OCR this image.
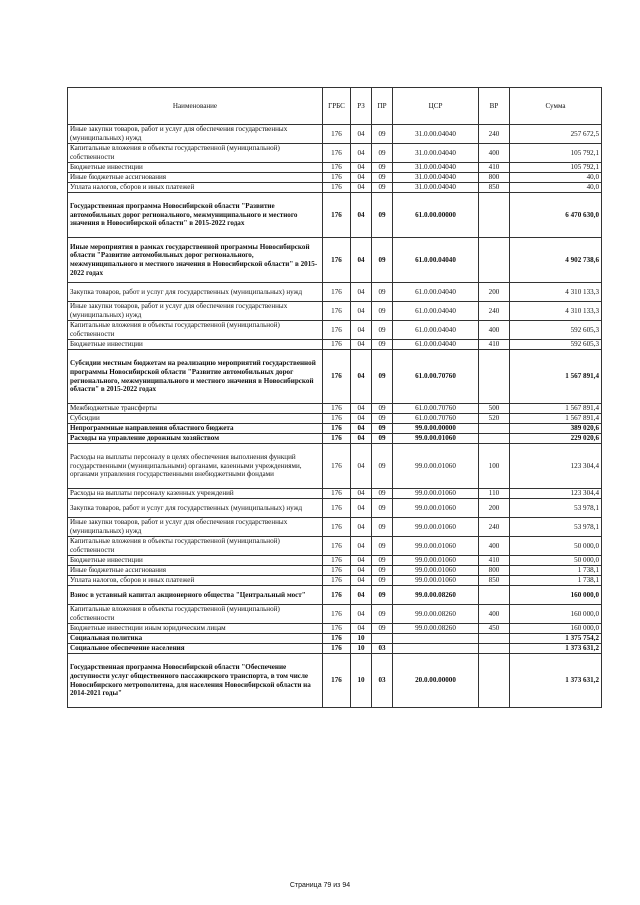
Наименование	ГРБС	РЗ	ПР	ЦСР	ВР	Сумма
Иные закупки товаров, работ и услуг для обеспечения государственных (муниципальных) нужд	176	04	09	31.0.00.04040	240	257 672,5
Капитальные вложения в объекты государственной (муниципальной) собственности	176	04	09	31.0.00.04040	400	105 792,1
Бюджетные инвестиции	176	04	09	31.0.00.04040	410	105 792,1
Иные бюджетные ассигнования	176	04	09	31.0.00.04040	800	40,0
Уплата налогов, сборов и иных платежей	176	04	09	31.0.00.04040	850	40,0
Государственная программа Новосибирской области "Развитие автомобильных дорог регионального, межмуниципального и местного значения в Новосибирской области" в 2015-2022 годах	176	04	09	61.0.00.00000		6 470 630,0
Иные мероприятия в рамках государственной программы Новосибирской области "Развитие автомобильных дорог регионального, межмуниципального и местного значения в Новосибирской области" в 2015-2022 годах	176	04	09	61.0.00.04040		4 902 738,6
Закупка товаров, работ и услуг для государственных (муниципальных) нужд	176	04	09	61.0.00.04040	200	4 310 133,3
Иные закупки товаров, работ и услуг для обеспечения государственных (муниципальных) нужд	176	04	09	61.0.00.04040	240	4 310 133,3
Капитальные вложения в объекты государственной (муниципальной) собственности	176	04	09	61.0.00.04040	400	592 605,3
Бюджетные инвестиции	176	04	09	61.0.00.04040	410	592 605,3
Субсидии местным бюджетам на реализацию мероприятий государственной программы Новосибирской области "Развитие автомобильных дорог регионального, межмуниципального и местного значения в Новосибирской области" в 2015-2022 годах	176	04	09	61.0.00.70760		1 567 891,4
Межбюджетные трансферты	176	04	09	61.0.00.70760	500	1 567 891,4
Субсидии	176	04	09	61.0.00.70760	520	1 567 891,4
Непрограммные направления областного бюджета	176	04	09	99.0.00.00000		389 020,6
Расходы на управление дорожным хозяйством	176	04	09	99.0.00.01060		229 020,6
Расходы на выплаты персоналу в целях обеспечения выполнения функций государственными (муниципальными) органами, казенными учреждениями, органами управления государственными внебюджетными фондами	176	04	09	99.0.00.01060	100	123 304,4
Расходы на выплаты персоналу казенных учреждений	176	04	09	99.0.00.01060	110	123 304,4
Закупка товаров, работ и услуг для государственных (муниципальных) нужд	176	04	09	99.0.00.01060	200	53 978,1
Иные закупки товаров, работ и услуг для обеспечения государственных (муниципальных) нужд	176	04	09	99.0.00.01060	240	53 978,1
Капитальные вложения в объекты государственной (муниципальной) собственности	176	04	09	99.0.00.01060	400	50 000,0
Бюджетные инвестиции	176	04	09	99.0.00.01060	410	50 000,0
Иные бюджетные ассигнования	176	04	09	99.0.00.01060	800	1 738,1
Уплата налогов, сборов и иных платежей	176	04	09	99.0.00.01060	850	1 738,1
Взнос в уставный капитал акционерного общества "Центральный мост"	176	04	09	99.0.00.08260		160 000,0
Капитальные вложения в объекты государственной (муниципальной) собственности	176	04	09	99.0.00.08260	400	160 000,0
Бюджетные инвестиции иным юридическим лицам	176	04	09	99.0.00.08260	450	160 000,0
Социальная политика	176	10				1 375 754,2
Социальное обеспечение населения	176	10	03			1 373 631,2
Государственная программа Новосибирской области "Обеспечение доступности услуг общественного пассажирского транспорта, в том числе Новосибирского метрополитена, для населения Новосибирской области на 2014-2021 годы"	176	10	03	20.0.00.00000		1 373 631,2
Страница 79 из 94
